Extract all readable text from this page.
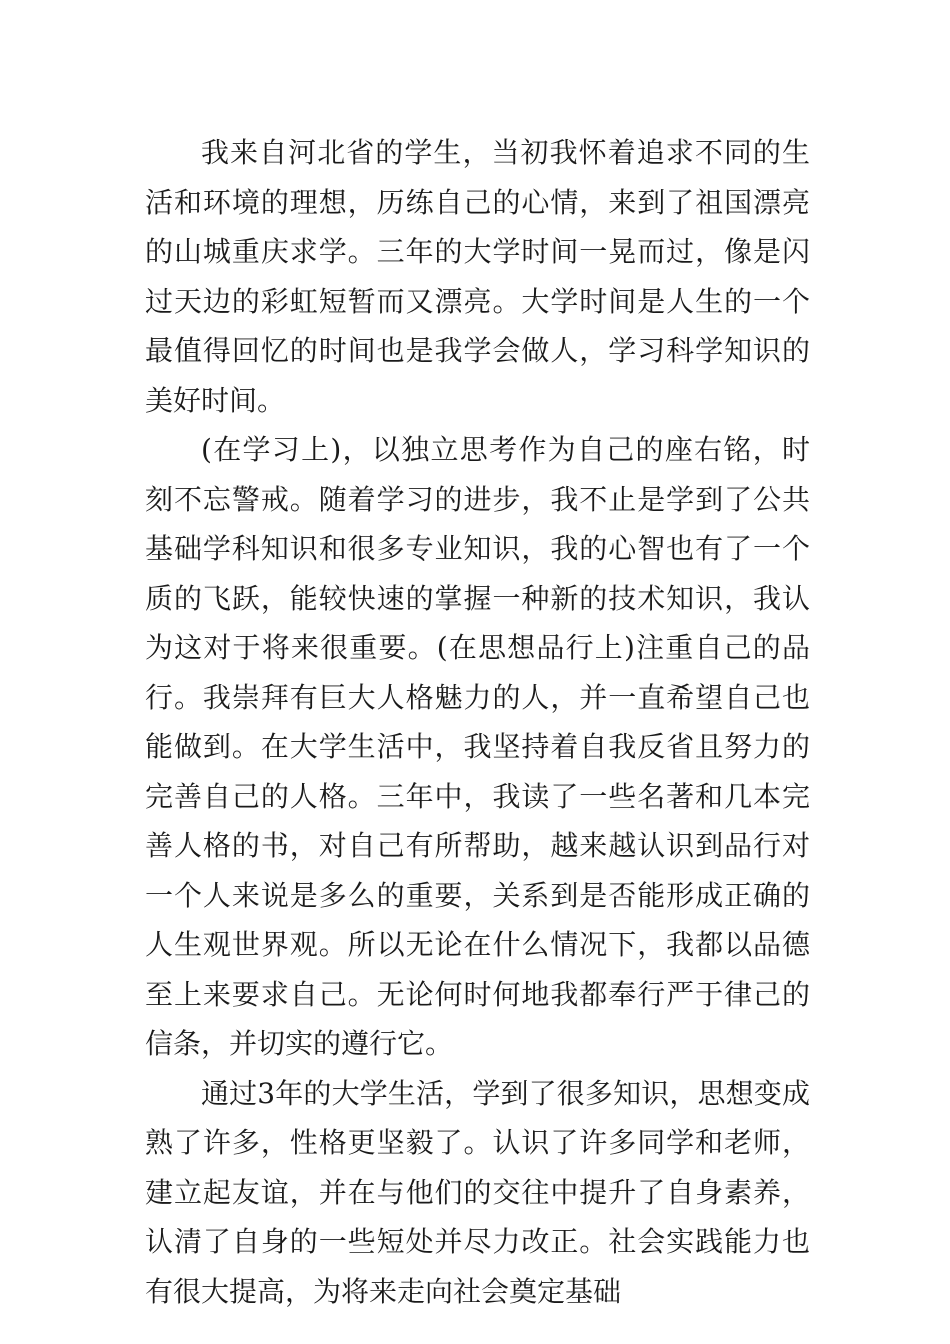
我来自河北省的学生，当初我怀着追求不同的生活和环境的理想，历练自己的心情，来到了祖国漂亮的山城重庆求学。三年的大学时间一晃而过，像是闪过天边的彩虹短暂而又漂亮。大学时间是人生的一个最值得回忆的时间也是我学会做人，学习科学知识的美好时间。

(在学习上)，以独立思考作为自己的座右铭，时刻不忘警戒。随着学习的进步，我不止是学到了公共基础学科知识和很多专业知识，我的心智也有了一个质的飞跃，能较快速的掌握一种新的技术知识，我认为这对于将来很重要。(在思想品行上)注重自己的品行。我崇拜有巨大人格魅力的人，并一直希望自己也能做到。在大学生活中，我坚持着自我反省且努力的完善自己的人格。三年中，我读了一些名著和几本完善人格的书，对自己有所帮助，越来越认识到品行对一个人来说是多么的重要，关系到是否能形成正确的人生观世界观。所以无论在什么情况下，我都以品德至上来要求自己。无论何时何地我都奉行严于律己的信条，并切实的遵行它。

通过3年的大学生活，学到了很多知识，思想变成熟了许多，性格更坚毅了。认识了许多同学和老师，建立起友谊，并在与他们的交往中提升了自身素养，认清了自身的一些短处并尽力改正。社会实践能力也有很大提高，为将来走向社会奠定基础
